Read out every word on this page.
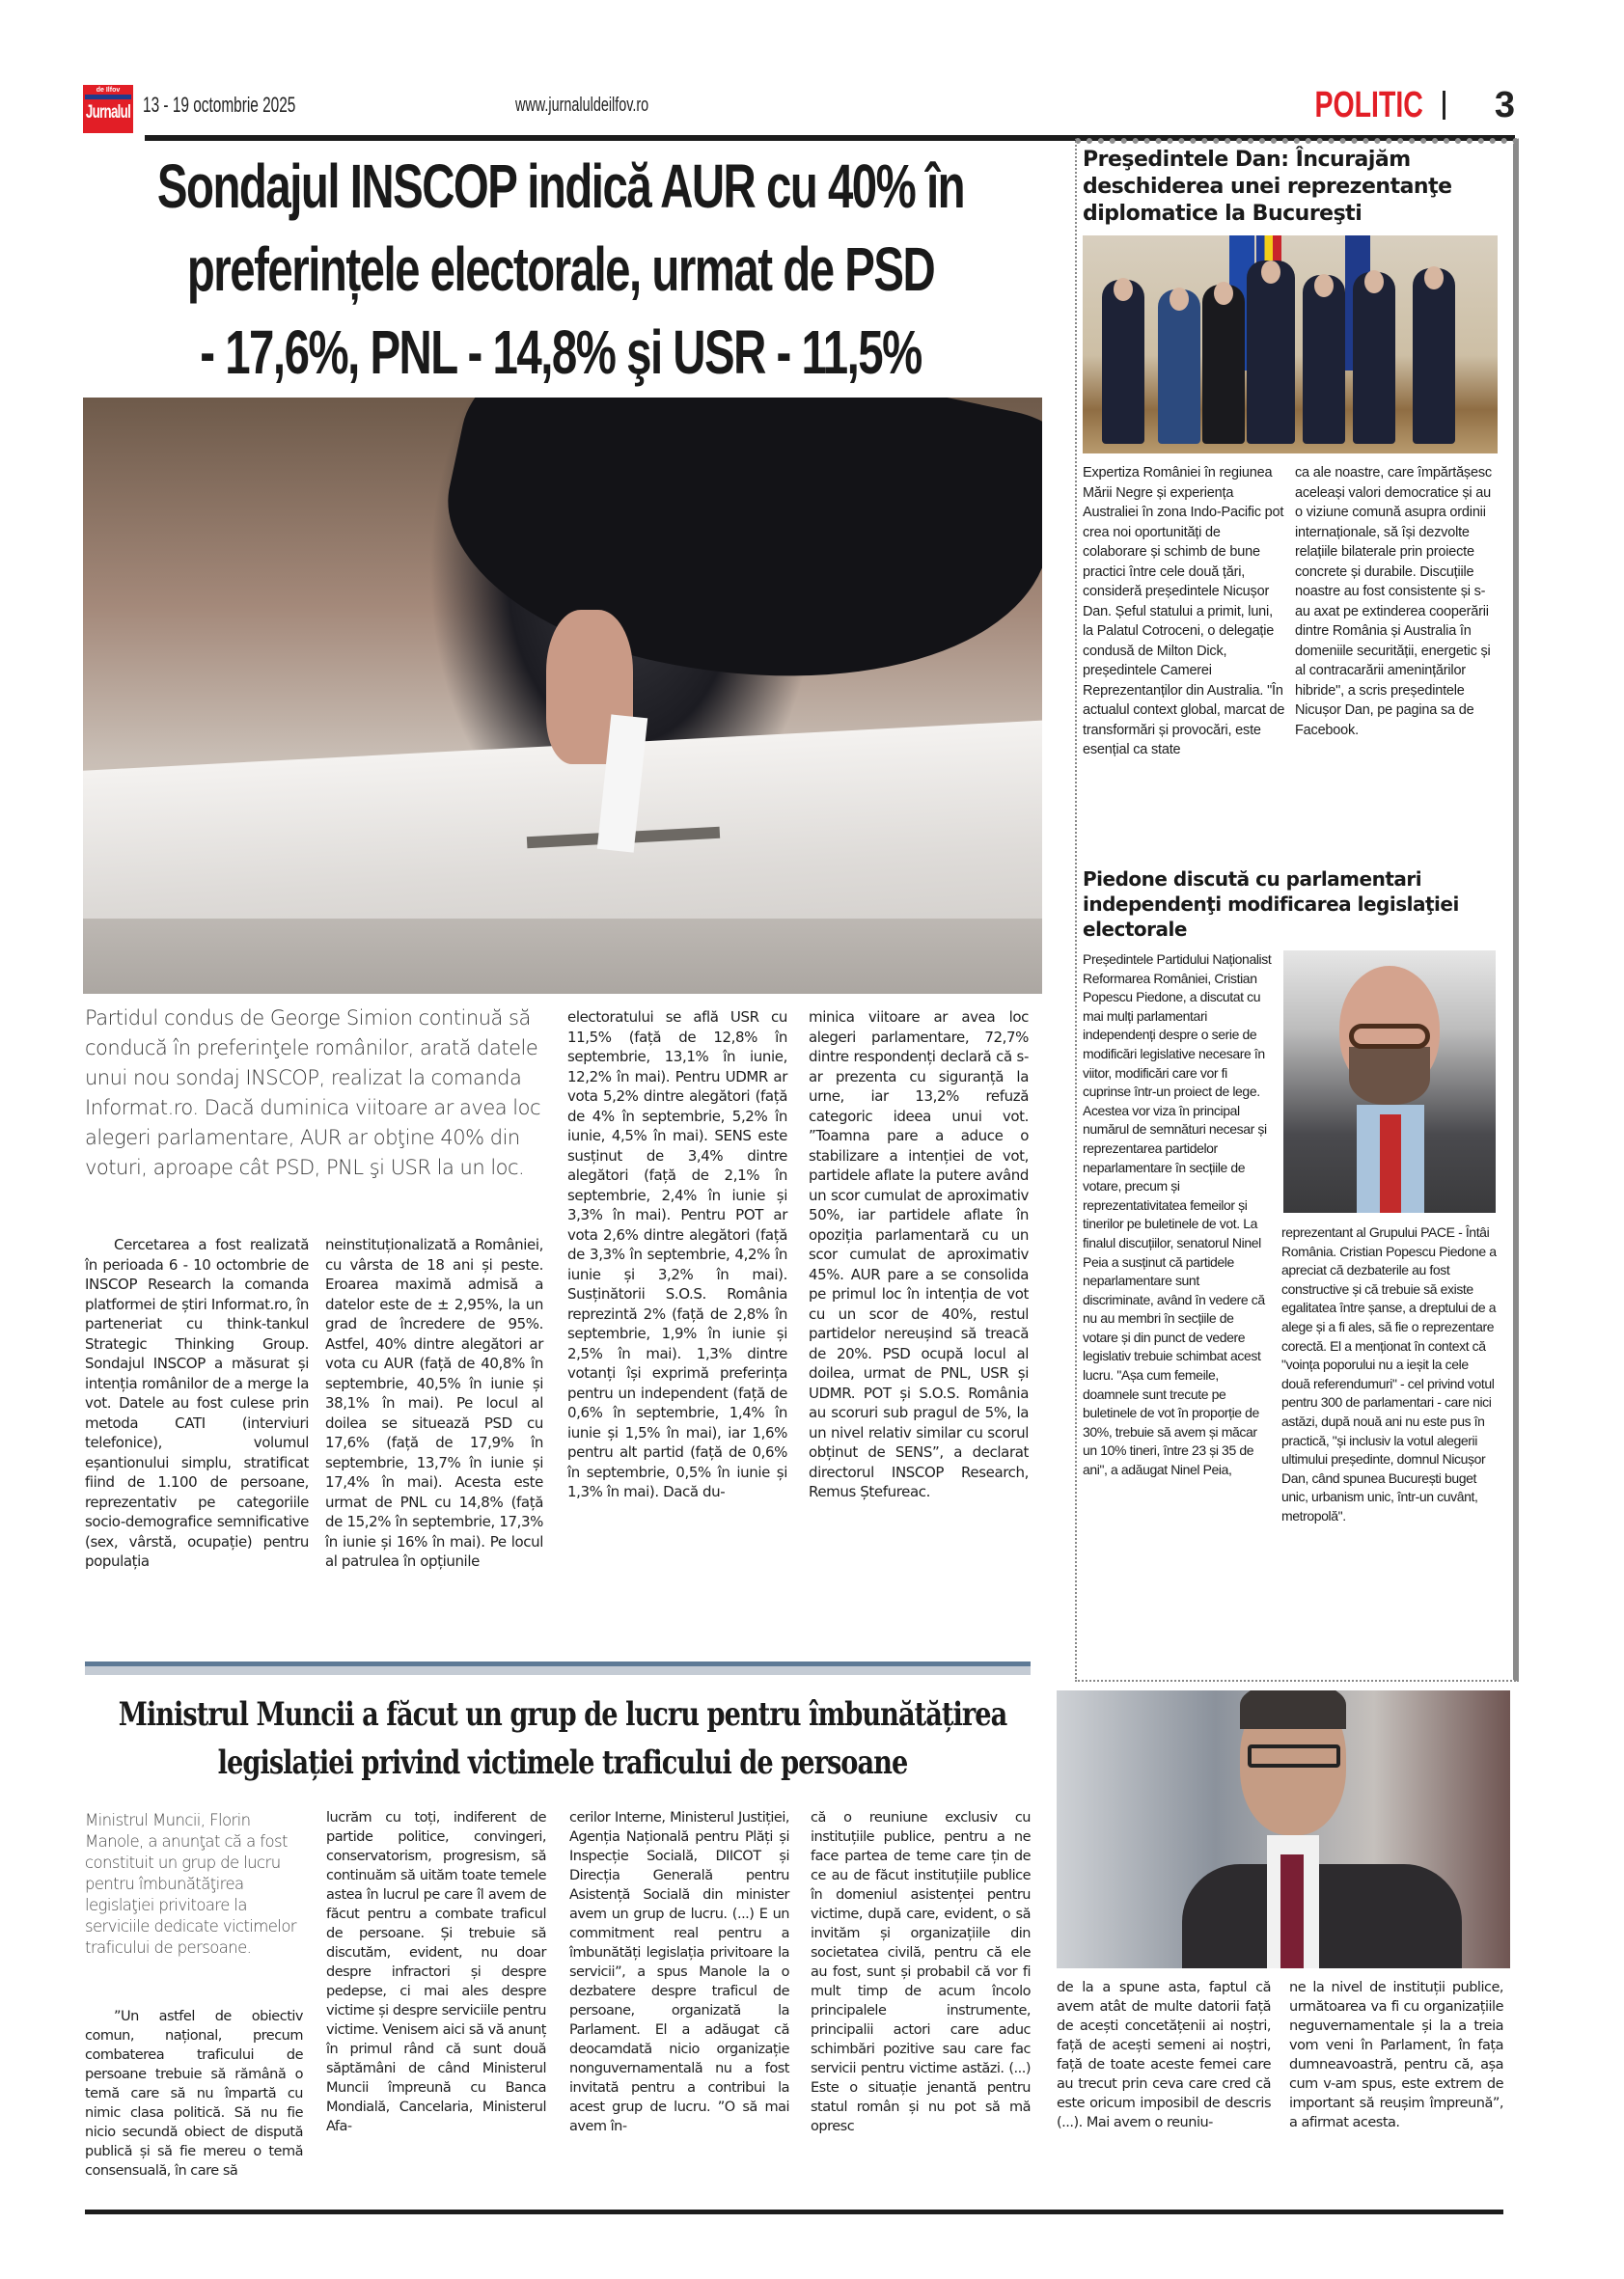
de Ilfov
Jurnalul 13 - 19 octombrie 2025	www.jurnaluldeilfov.ro	POLITIC 3
Sondajul INSCOP indică AUR cu 40% în
preferințele electorale, urmat de PSD
- 17,6%, PNL - 14,8% şi USR - 11,5%

Partidul condus de George Simion continuă să conducă în preferinţele românilor, arată datele unui nou sondaj INSCOP, realizat la comanda Informat.ro. Dacă duminica viitoare ar avea loc alegeri parlamentare, AUR ar obţine 40% din voturi, aproape cât PSD, PNL şi USR la un loc.

Cercetarea a fost realizată în perioada 6 - 10 octombrie de INSCOP Research la comanda platformei de știri Informat.ro, în parteneriat cu think-tankul Strategic Thinking Group. Sondajul INSCOP a măsurat și intenția românilor de a merge la vot. Datele au fost culese prin metoda CATI (interviuri telefonice), volumul eșantionului simplu, stratificat fiind de 1.100 de persoane, reprezentativ pe categoriile socio-demografice semnificative (sex, vârstă, ocupație) pentru populația

neinstituționalizată a României, cu vârsta de 18 ani și peste. Eroarea maximă admisă a datelor este de ± 2,95%, la un grad de încredere de 95%. Astfel, 40% dintre alegători ar vota cu AUR (față de 40,8% în septembrie, 40,5% în iunie și 38,1% în mai). Pe locul al doilea se situează PSD cu 17,6% (față de 17,9% în septembrie, 13,7% în iunie și 17,4% în mai). Acesta este urmat de PNL cu 14,8% (față de 15,2% în septembrie, 17,3% în iunie și 16% în mai). Pe locul al patrulea în opțiunile

electoratului se află USR cu 11,5% (față de 12,8% în septembrie, 13,1% în iunie, 12,2% în mai). Pentru UDMR ar vota 5,2% dintre alegători (față de 4% în septembrie, 5,2% în iunie, 4,5% în mai). SENS este susținut de 3,4% dintre alegători (față de 2,1% în septembrie, 2,4% în iunie și 3,3% în mai). Pentru POT ar vota 2,6% dintre alegători (față de 3,3% în septembrie, 4,2% în iunie și 3,2% în mai). Susținătorii S.O.S. România reprezintă 2% (față de 2,8% în septembrie, 1,9% în iunie și 2,5% în mai). 1,3% dintre votanți își exprimă preferința pentru un independent (față de 0,6% în septembrie, 1,4% în iunie și 1,5% în mai), iar 1,6% pentru alt partid (față de 0,6% în septembrie, 0,5% în iunie și 1,3% în mai). Dacă du-

minica viitoare ar avea loc alegeri parlamentare, 72,7% dintre respondenți declară că s-ar prezenta cu siguranță la urne, iar 13,2% refuză categoric ideea unui vot. ”Toamna pare a aduce o stabilizare a intenției de vot, partidele aflate la putere având un scor cumulat de aproximativ 50%, iar partidele aflate în opoziția parlamentară cu un scor cumulat de aproximativ 45%. AUR pare a se consolida pe primul loc în intenția de vot cu un scor de 40%, restul partidelor nereușind să treacă de 20%. PSD ocupă locul al doilea, urmat de PNL, USR și UDMR. POT și S.O.S. România au scoruri sub pragul de 5%, la un nivel relativ similar cu scorul obținut de SENS”, a declarat directorul INSCOP Research, Remus Ștefureac.

Preşedintele Dan: Încurajăm deschiderea unei reprezentanţe diplomatice la Bucureşti
Expertiza României în regiunea Mării Negre și experiența Australiei în zona Indo-Pacific pot crea noi oportunități de colaborare și schimb de bune practici între cele două țări, consideră președintele Nicușor Dan. Șeful statului a primit, luni, la Palatul Cotroceni, o delegație condusă de Milton Dick, președintele Camerei Reprezentanților din Australia. "În actualul context global, marcat de transformări și provocări, este esențial ca state
ca ale noastre, care împărtășesc aceleași valori democratice și au o viziune comună asupra ordinii internaționale, să își dezvolte relațiile bilaterale prin proiecte concrete și durabile. Discuțiile noastre au fost consistente și s-au axat pe extinderea cooperării dintre România și Australia în domeniile securității, energetic și al contracarării amenințărilor hibride", a scris președintele Nicușor Dan, pe pagina sa de Facebook.
Piedone discută cu parlamentari independenţi modificarea legislaţiei electorale
Președintele Partidului Naționalist Reformarea României, Cristian Popescu Piedone, a discutat cu mai mulți parlamentari independenți despre o serie de modificări legislative necesare în viitor, modificări care vor fi cuprinse într-un proiect de lege. Acestea vor viza în principal numărul de semnături necesar și reprezentarea partidelor neparlamentare în secțiile de votare, precum și reprezentativitatea femeilor și tinerilor pe buletinele de vot. La finalul discuțiilor, senatorul Ninel Peia a susținut că partidele neparlamentare sunt discriminate, având în vedere că nu au membri în secțiile de votare și din punct de vedere legislativ trebuie schimbat acest lucru. "Așa cum femeile, doamnele sunt trecute pe buletinele de vot în proporție de 30%, trebuie să avem și măcar un 10% tineri, între 23 și 35 de ani", a adăugat Ninel Peia,
reprezentant al Grupului PACE - Întâi România. Cristian Popescu Piedone a apreciat că dezbaterile au fost constructive și că trebuie să existe egalitatea între șanse, a dreptului de a alege și a fi ales, să fie o reprezentare corectă. El a menționat în context că "voința poporului nu a ieșit la cele două referendumuri" - cel privind votul pentru 300 de parlamentari - care nici astăzi, după nouă ani nu este pus în practică, "și inclusiv la votul alegerii ultimului președinte, domnul Nicușor Dan, când spunea București buget unic, urbanism unic, într-un cuvânt, metropolă".
Ministrul Muncii a făcut un grup de lucru pentru îmbunătățirea
legislației privind victimele traficului de persoane

Ministrul Muncii, Florin Manole, a anunţat că a fost constituit un grup de lucru pentru îmbunătăţirea legislaţiei privitoare la serviciile dedicate victimelor traficului de persoane.

”Un astfel de obiectiv comun, național, precum combaterea traficului de persoane trebuie să rămână o temă care să nu împartă cu nimic clasa politică. Să nu fie nicio secundă obiect de dispută publică și să fie mereu o temă consensuală, în care să

lucrăm cu toți, indiferent de partide politice, convingeri, conservatorism, progresism, să continuăm să uităm toate temele astea în lucrul pe care îl avem de făcut pentru a combate traficul de persoane. Și trebuie să discutăm, evident, nu doar despre infractori și despre pedepse, ci mai ales despre victime și despre serviciile pentru victime. Venisem aici să vă anunț în primul rând că sunt două săptămâni de când Ministerul Muncii împreună cu Banca Mondială, Cancelaria, Ministerul Afa-
cerilor Interne, Ministerul Justiției, Agenția Națională pentru Plăți și Inspecție Socială, DIICOT și Direcția Generală pentru Asistență Socială din minister avem un grup de lucru. (...) E un commitment real pentru a îmbunătăți legislația privitoare la servicii”, a spus Manole la o dezbatere despre traficul de persoane, organizată la Parlament. El a adăugat că deocamdată nicio organizație nonguvernamentală nu a fost invitată pentru a contribui la acest grup de lucru. ”O să mai avem în-
că o reuniune exclusiv cu instituțiile publice, pentru a ne face partea de teme care țin de ce au de făcut instituțiile publice în domeniul asistenței pentru victime, după care, evident, o să invităm și organizațiile din societatea civilă, pentru că ele au fost, sunt și probabil că vor fi mult timp de acum încolo principalele instrumente, principalii actori care aduc schimbări pozitive sau care fac servicii pentru victime astăzi. (...) Este o situație jenantă pentru statul român și nu pot să mă opresc
de la a spune asta, faptul că avem atât de multe datorii față de acești concetățenii ai noștri, față de acești semeni ai noștri, față de toate aceste femei care au trecut prin ceva care cred că este oricum imposibil de descris (...). Mai avem o reuniu-
ne la nivel de instituții publice, următoarea va fi cu organizațiile neguvernamentale și la a treia vom veni în Parlament, în fața dumneavoastră, pentru că, așa cum v-am spus, este extrem de important să reușim împreună”, a afirmat acesta.
